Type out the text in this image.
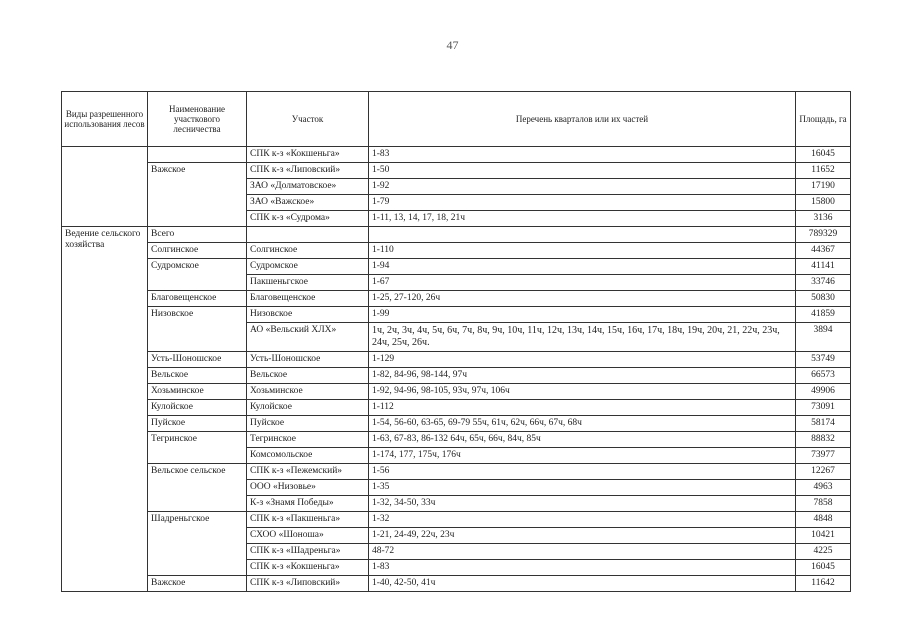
47
Виды разрешенного использования лесов	Наименование участкового лесничества	Участок	Перечень кварталов или их частей	Площадь, га
		СПК к-з «Кокшеньга»	1-83	16045
	Важское	СПК к-з «Липовский»	1-50	11652
		ЗАО «Долматовское»	1-92	17190
		ЗАО «Важское»	1-79	15800
		СПК к-з «Судрома»	1-11, 13, 14, 17, 18, 21ч	3136
Ведение сельского хозяйства	Всего			789329
	Солгинское	Солгинское	1-110	44367
	Судромское	Судромское	1-94	41141
		Пакшеньгское	1-67	33746
	Благовещенское	Благовещенское	1-25, 27-120, 26ч	50830
	Низовское	Низовское	1-99	41859
		АО «Вельский ХЛХ»	1ч, 2ч, 3ч, 4ч, 5ч, 6ч, 7ч, 8ч, 9ч, 10ч, 11ч, 12ч, 13ч, 14ч, 15ч, 16ч, 17ч, 18ч, 19ч, 20ч, 21, 22ч, 23ч, 24ч, 25ч, 26ч.	3894
	Усть-Шоношское	Усть-Шоношское	1-129	53749
	Вельское	Вельское	1-82, 84-96, 98-144, 97ч	66573
	Хозьминское	Хозьминское	1-92, 94-96, 98-105, 93ч, 97ч, 106ч	49906
	Кулойское	Кулойское	1-112	73091
	Пуйское	Пуйское	1-54, 56-60, 63-65, 69-79 55ч, 61ч, 62ч, 66ч, 67ч, 68ч	58174
	Тегринское	Тегринское	1-63, 67-83, 86-132 64ч, 65ч, 66ч, 84ч, 85ч	88832
		Комсомольское	1-174, 177, 175ч, 176ч	73977
	Вельское сельское	СПК к-з «Пежемский»	1-56	12267
		ООО «Низовье»	1-35	4963
		К-з «Знамя Победы»	1-32, 34-50, 33ч	7858
	Шадреньгское	СПК к-з «Пакшеньга»	1-32	4848
		СХОО «Шоноша»	1-21, 24-49, 22ч, 23ч	10421
		СПК к-з «Шадреньга»	48-72	4225
		СПК к-з «Кокшеньга»	1-83	16045
	Важское	СПК к-з «Липовский»	1-40, 42-50, 41ч	11642
